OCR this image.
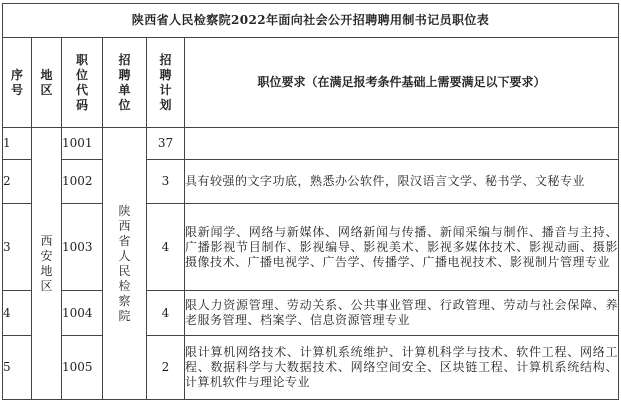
陕西省人民检察院2022年面向社会公开招聘聘用制书记员职位表					
序号	地区	职位代码	招聘单位	招聘计划	职位要求（在满足报考条件基础上需要满足以下要求）
1	西安地区	1001	陕西省人民检察院	37	
2		1002		3	具有较强的文字功底，熟悉办公软件，限汉语言文学、秘书学、文秘专业
3		1003		4	限新闻学、网络与新媒体、网络新闻与传播、新闻采编与制作、播音与主持、广播影视节目制作、影视编导、影视美术、影视多媒体技术、影视动画、摄影摄像技术、广播电视学、广告学、传播学、广播电视技术、影视制片管理专业
4		1004		4	限人力资源管理、劳动关系、公共事业管理、行政管理、劳动与社会保障、养老服务管理、档案学、信息资源管理专业
5		1005		2	限计算机网络技术、计算机系统维护、计算机科学与技术、软件工程、网络工程、数据科学与大数据技术、网络空间安全、区块链工程、计算机系统结构、计算机软件与理论专业
